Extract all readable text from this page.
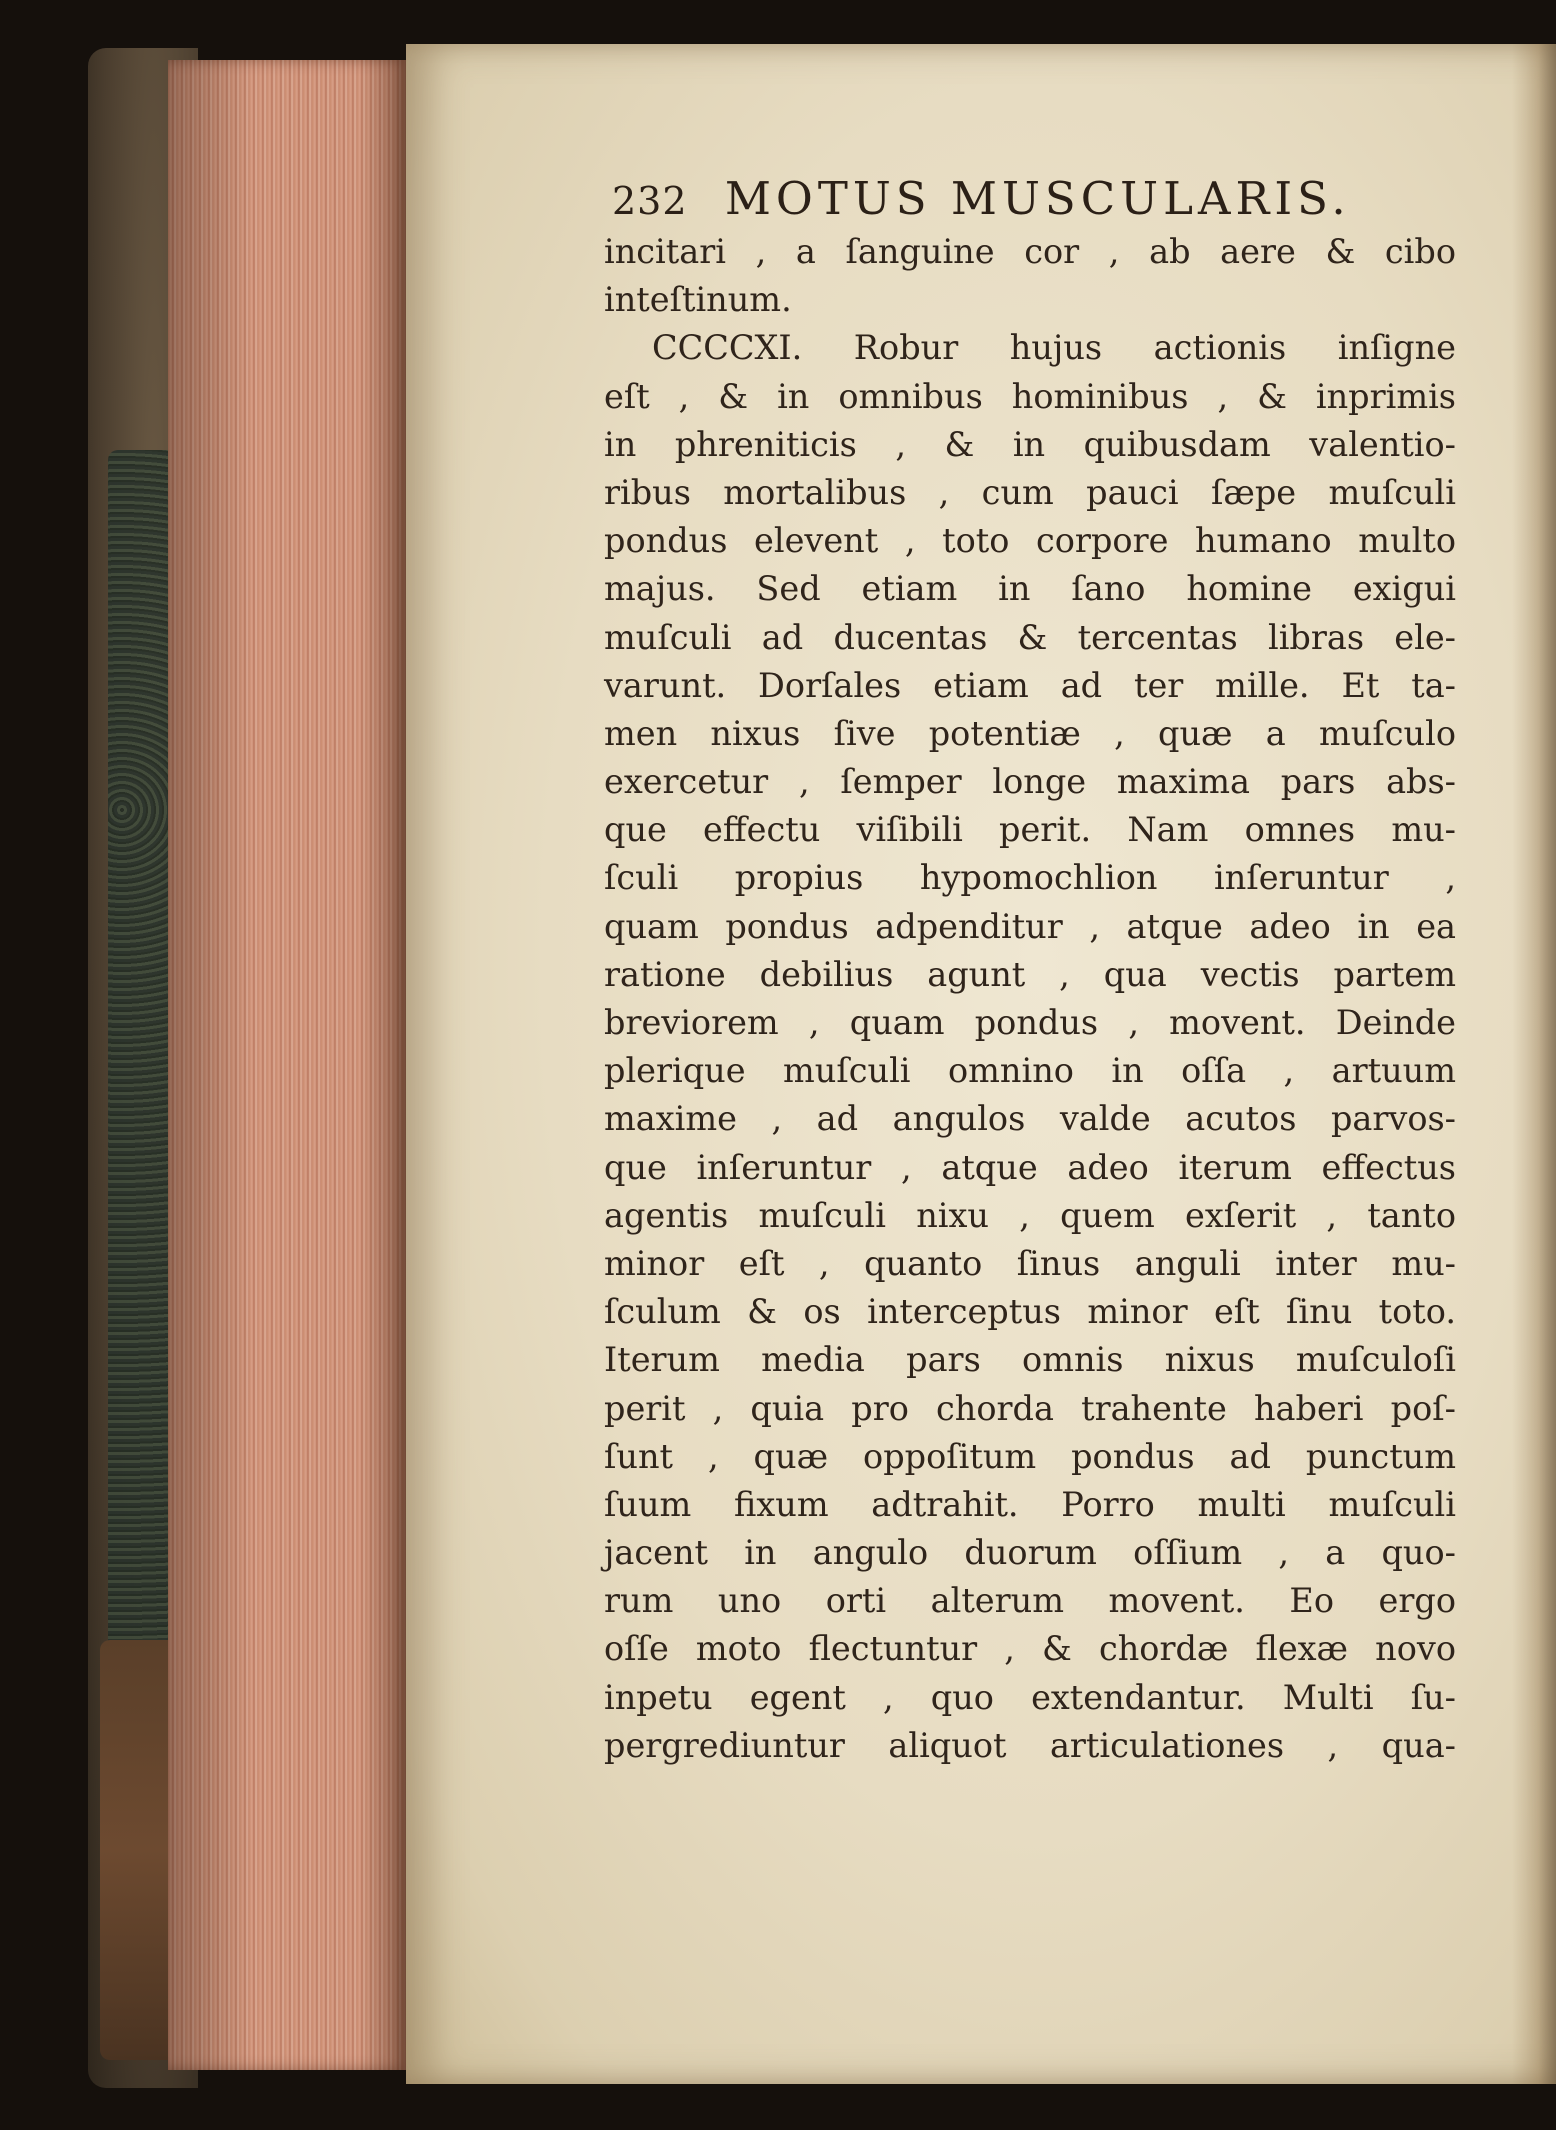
232 MOTUS MUSCULARIS.
incitari , a ſanguine cor , ab aere & cibo
inteſtinum.
CCCCXI. Robur hujus actionis inſigne
eſt , & in omnibus hominibus , & inprimis
in phreniticis , & in quibusdam valentio-
ribus mortalibus , cum pauci ſæpe muſculi
pondus elevent , toto corpore humano multo
majus. Sed etiam in ſano homine exigui
muſculi ad ducentas & tercentas libras ele-
varunt. Dorſales etiam ad ter mille. Et ta-
men nixus ſive potentiæ , quæ a muſculo
exercetur , ſemper longe maxima pars abs-
que effectu viſibili perit. Nam omnes mu-
ſculi propius hypomochlion inſeruntur ,
quam pondus adpenditur , atque adeo in ea
ratione debilius agunt , qua vectis partem
breviorem , quam pondus , movent. Deinde
plerique muſculi omnino in oſſa , artuum
maxime , ad angulos valde acutos parvos-
que inſeruntur , atque adeo iterum effectus
agentis muſculi nixu , quem exſerit , tanto
minor eſt , quanto ſinus anguli inter mu-
ſculum & os interceptus minor eſt ſinu toto.
Iterum media pars omnis nixus muſculoſi
perit , quia pro chorda trahente haberi poſ-
ſunt , quæ oppoſitum pondus ad punctum
ſuum fixum adtrahit. Porro multi muſculi
jacent in angulo duorum oſſium , a quo-
rum uno orti alterum movent. Eo ergo
oſſe moto flectuntur , & chordæ flexæ novo
inpetu egent , quo extendantur. Multi ſu-
pergrediuntur aliquot articulationes , qua-
